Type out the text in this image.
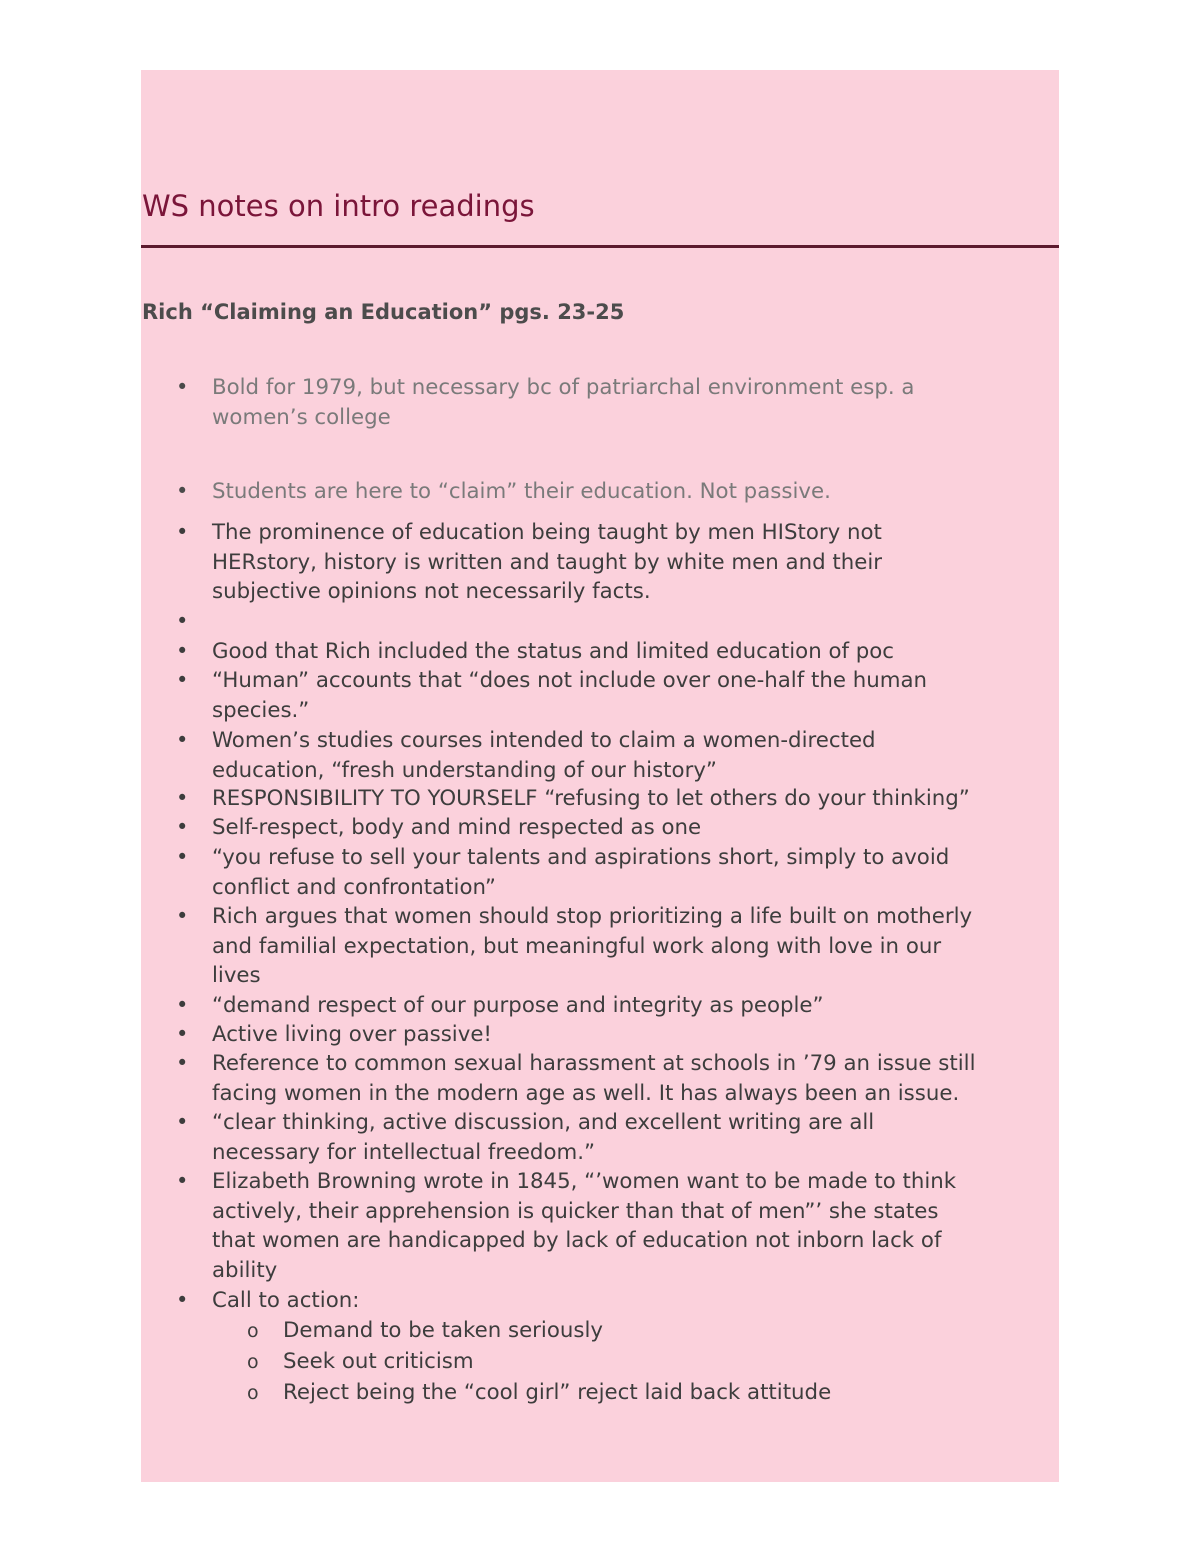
WS notes on intro readings
Rich “Claiming an Education” pgs. 23-25
• Bold for 1979, but necessary bc of patriarchal environment esp. a
women’s college
• Students are here to “claim” their education. Not passive.
• The prominence of education being taught by men HIStory not
HERstory, history is written and taught by white men and their
subjective opinions not necessarily facts.
•
• Good that Rich included the status and limited education of poc
• “Human” accounts that “does not include over one-half the human
species.”
• Women’s studies courses intended to claim a women-directed
education, “fresh understanding of our history”
• RESPONSIBILITY TO YOURSELF “refusing to let others do your thinking”
• Self-respect, body and mind respected as one
• “you refuse to sell your talents and aspirations short, simply to avoid
conflict and confrontation”
• Rich argues that women should stop prioritizing a life built on motherly
and familial expectation, but meaningful work along with love in our
lives
• “demand respect of our purpose and integrity as people”
• Active living over passive!
• Reference to common sexual harassment at schools in ’79 an issue still
facing women in the modern age as well. It has always been an issue.
• “clear thinking, active discussion, and excellent writing are all
necessary for intellectual freedom.”
• Elizabeth Browning wrote in 1845, “’women want to be made to think
actively, their apprehension is quicker than that of men”’ she states
that women are handicapped by lack of education not inborn lack of
ability
• Call to action:
o Demand to be taken seriously
o Seek out criticism
o Reject being the “cool girl” reject laid back attitude
